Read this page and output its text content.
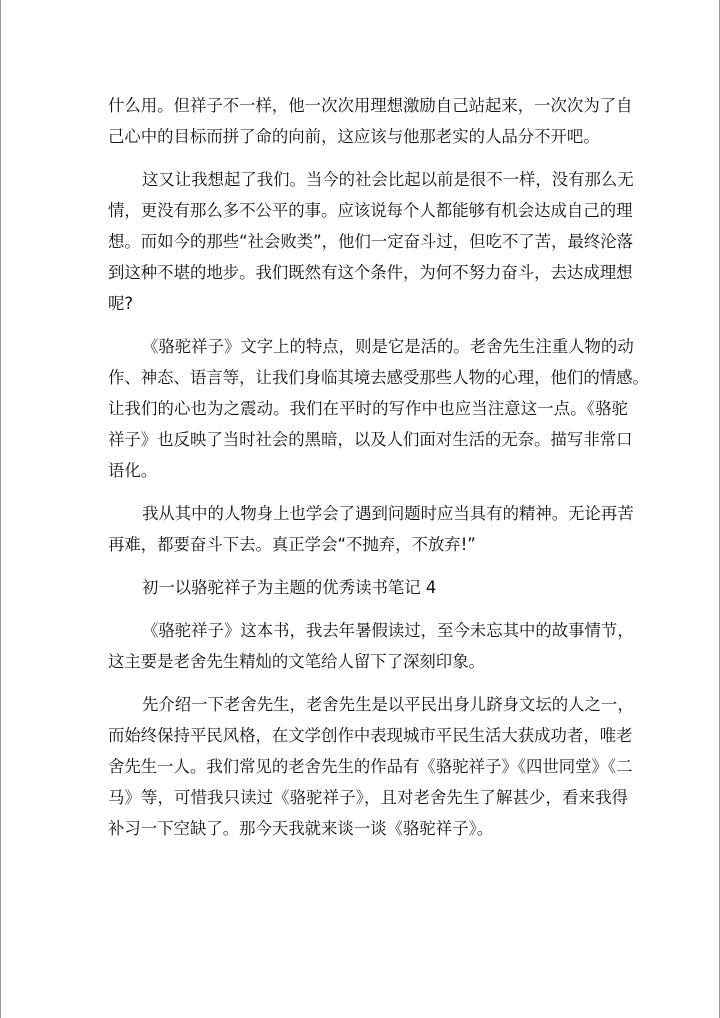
什么用。但祥子不一样，他一次次用理想激励自己站起来，一次次为了自
己心中的目标而拼了命的向前，这应该与他那老实的人品分不开吧。

这又让我想起了我们。当今的社会比起以前是很不一样，没有那么无
情，更没有那么多不公平的事。应该说每个人都能够有机会达成自己的理
想。而如今的那些“社会败类”，他们一定奋斗过，但吃不了苦，最终沦落
到这种不堪的地步。我们既然有这个条件，为何不努力奋斗，去达成理想
呢?

《骆驼祥子》文字上的特点，则是它是活的。老舍先生注重人物的动
作、神态、语言等，让我们身临其境去感受那些人物的心理，他们的情感。
让我们的心也为之震动。我们在平时的写作中也应当注意这一点。《骆驼
祥子》也反映了当时社会的黑暗，以及人们面对生活的无奈。描写非常口
语化。

我从其中的人物身上也学会了遇到问题时应当具有的精神。无论再苦
再难，都要奋斗下去。真正学会“不抛弃，不放弃!”

初一以骆驼祥子为主题的优秀读书笔记 4

《骆驼祥子》这本书，我去年暑假读过，至今未忘其中的故事情节，
这主要是老舍先生精灿的文笔给人留下了深刻印象。

先介绍一下老舍先生，老舍先生是以平民出身儿跻身文坛的人之一，
而始终保持平民风格，在文学创作中表现城市平民生活大获成功者，唯老
舍先生一人。我们常见的老舍先生的作品有《骆驼祥子》《四世同堂》《二
马》等，可惜我只读过《骆驼祥子》，且对老舍先生了解甚少，看来我得
补习一下空缺了。那今天我就来谈一谈《骆驼祥子》。
